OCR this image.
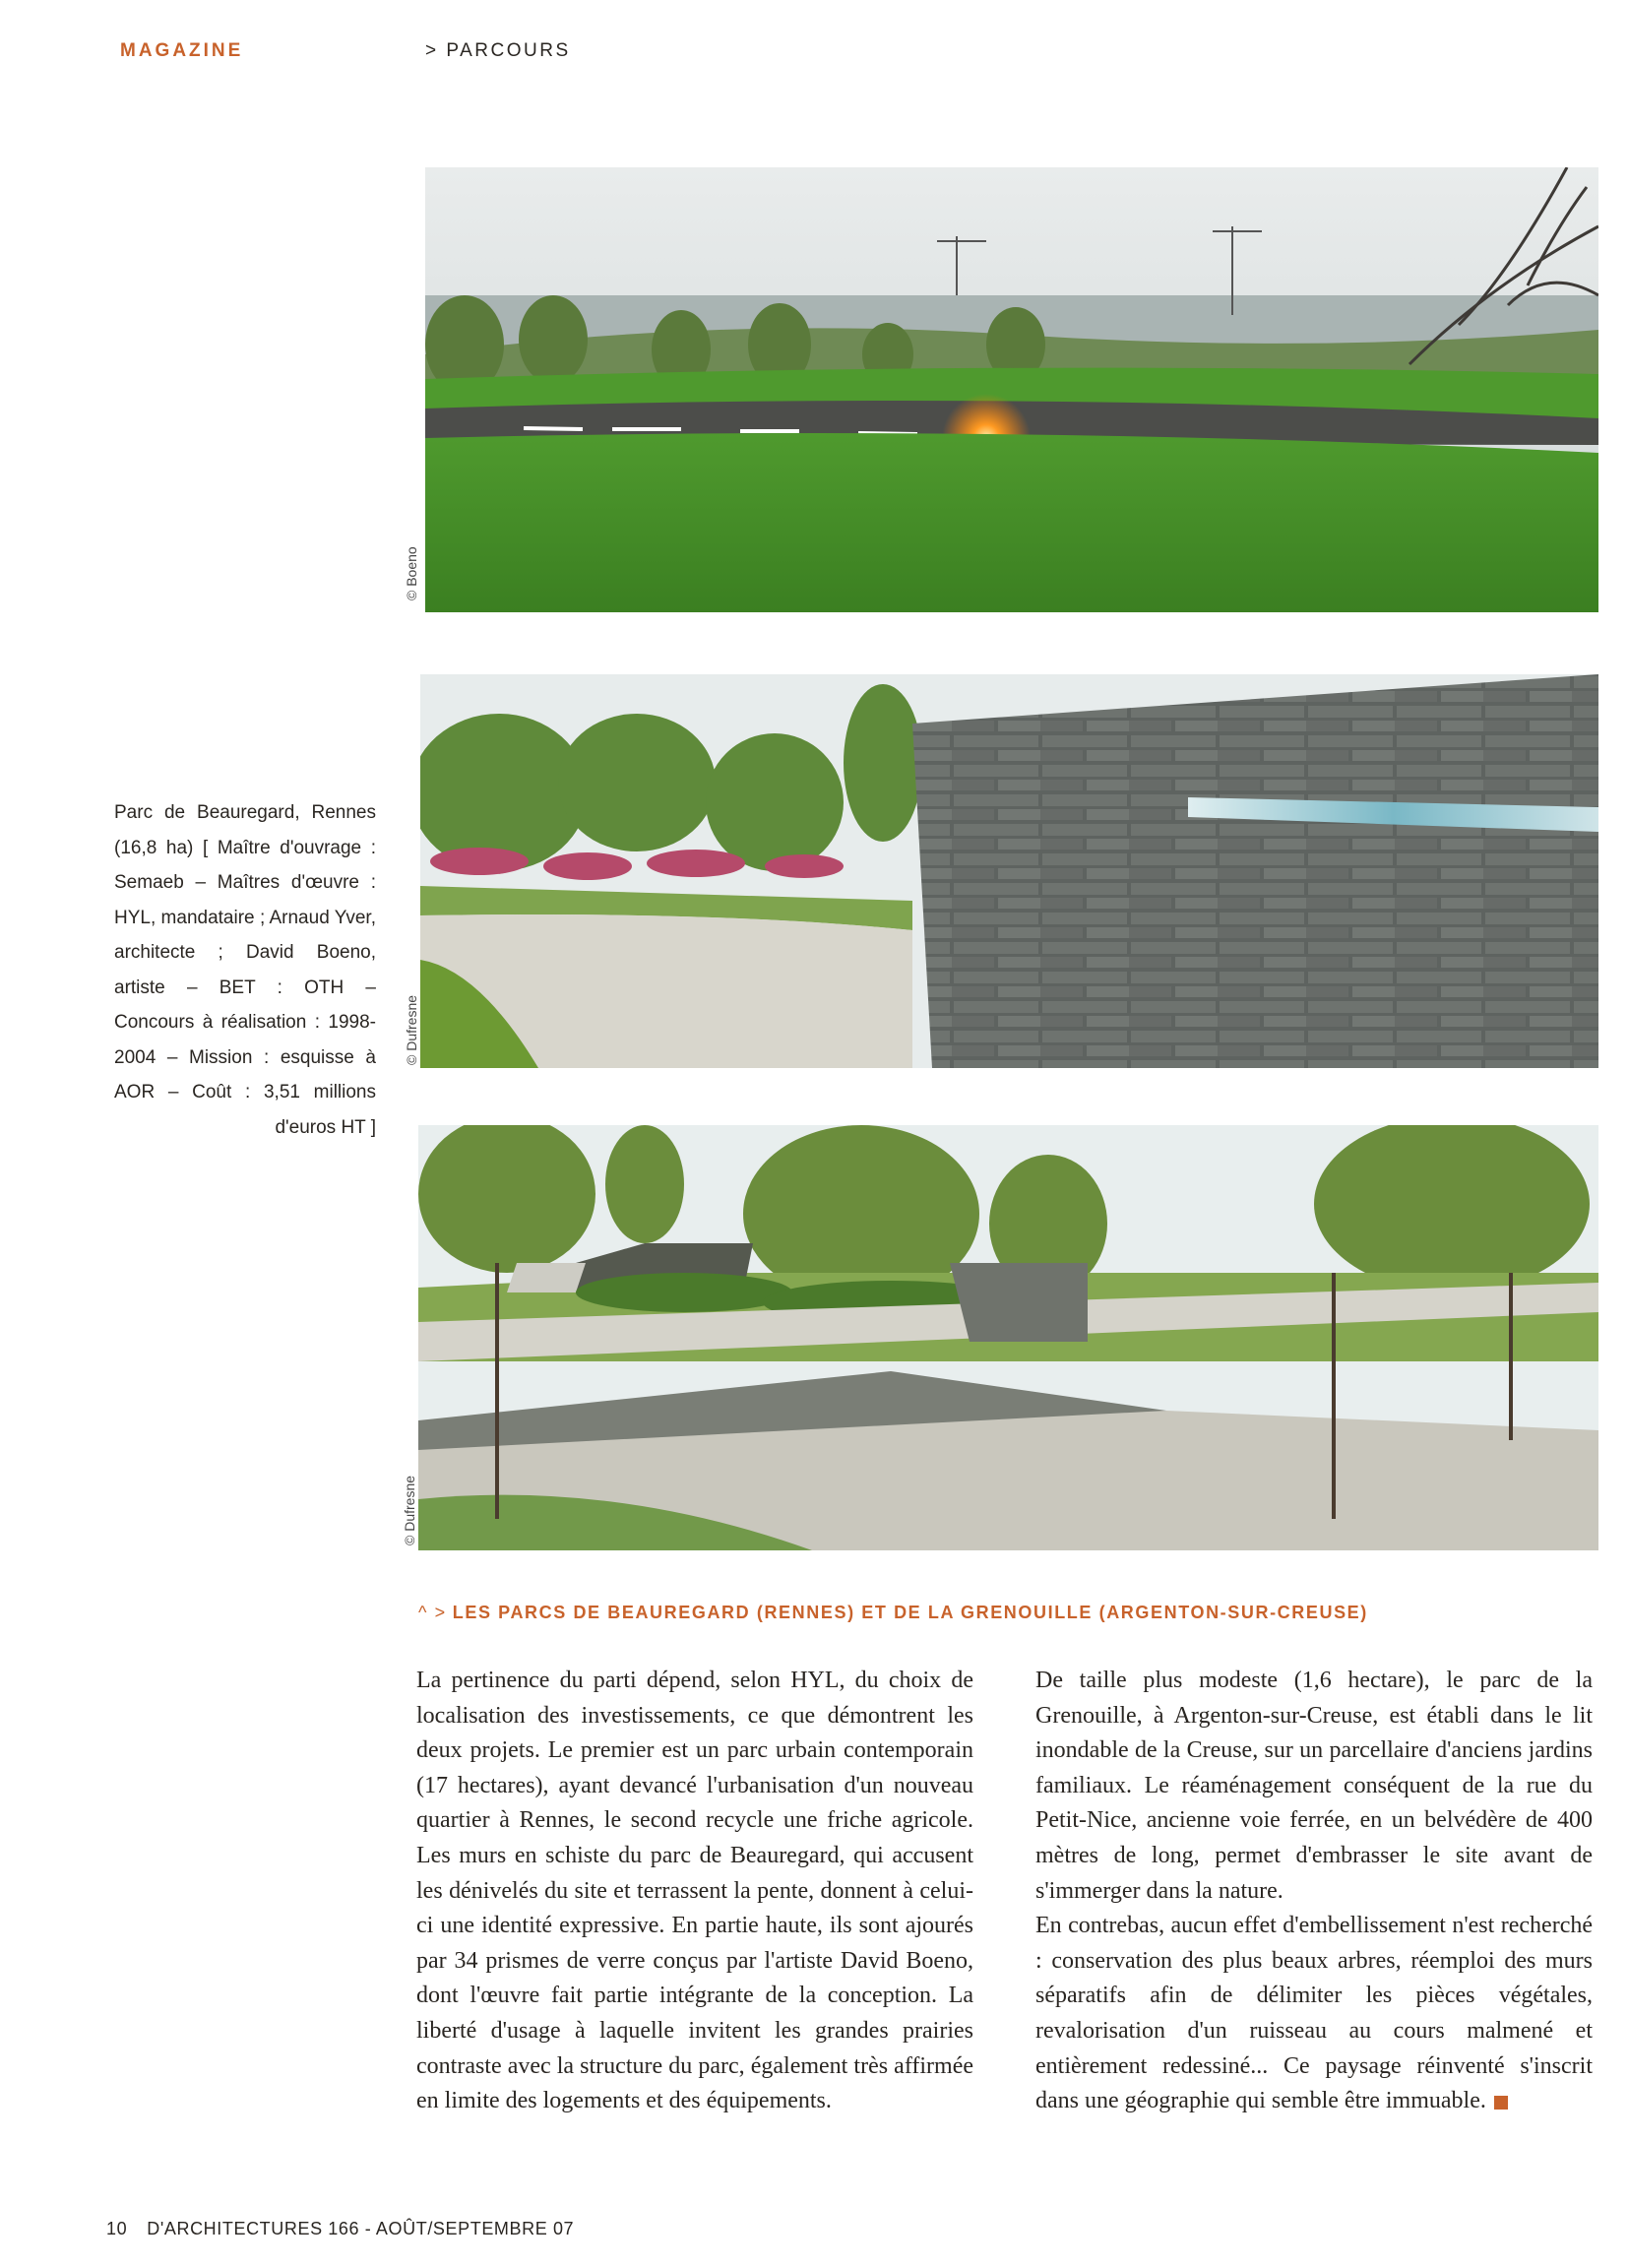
MAGAZINE	> PARCOURS
© Boeno
© Dufresne
© Dufresne
Parc de Beauregard, Rennes (16,8 ha) [ Maître d'ouvrage : Semaeb – Maîtres d'œuvre : HYL, mandataire ; Arnaud Yver, architecte ; David Boeno, artiste – BET : OTH – Concours à réalisation : 1998-2004 – Mission : esquisse à AOR – Coût : 3,51 millions d'euros HT ]
^ > LES PARCS DE BEAUREGARD (RENNES) ET DE LA GRENOUILLE (ARGENTON-SUR-CREUSE)

La pertinence du parti dépend, selon HYL, du choix de localisation des investissements, ce que démontrent les deux projets. Le premier est un parc urbain contemporain (17 hectares), ayant devancé l'urbanisation d'un nouveau quartier à Rennes, le second recycle une friche agricole. Les murs en schiste du parc de Beauregard, qui accusent les dénivelés du site et terrassent la pente, donnent à celui-ci une identité expressive. En partie haute, ils sont ajourés par 34 prismes de verre conçus par l'artiste David Boeno, dont l'œuvre fait partie intégrante de la conception. La liberté d'usage à laquelle invitent les grandes prairies contraste avec la structure du parc, également très affirmée en limite des logements et des équipements.

De taille plus modeste (1,6 hectare), le parc de la Grenouille, à Argenton-sur-Creuse, est établi dans le lit inondable de la Creuse, sur un parcellaire d'anciens jardins familiaux. Le réaménagement conséquent de la rue du Petit-Nice, ancienne voie ferrée, en un belvédère de 400 mètres de long, permet d'embrasser le site avant de s'immerger dans la nature.

En contrebas, aucun effet d'embellissement n'est recherché : conservation des plus beaux arbres, réemploi des murs séparatifs afin de délimiter les pièces végétales, revalorisation d'un ruisseau au cours malmené et entièrement redessiné... Ce paysage réinventé s'inscrit dans une géographie qui semble être immuable.

10 D'ARCHITECTURES 166 - AOÛT/SEPTEMBRE 07
